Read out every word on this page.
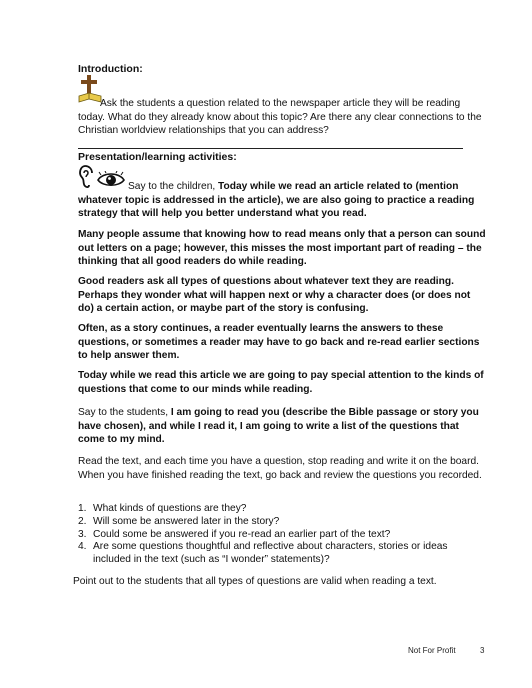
Introduction:

Ask the students a question related to the newspaper article they will be reading today. What do they already know about this topic? Are there any clear connections to the Christian worldview relationships that you can address?

Presentation/learning activities:

Say to the children, Today while we read an article related to (mention whatever topic is addressed in the article), we are also going to practice a reading strategy that will help you better understand what you read.

Many people assume that knowing how to read means only that a person can sound out letters on a page; however, this misses the most important part of reading – the thinking that all good readers do while reading.

Good readers ask all types of questions about whatever text they are reading. Perhaps they wonder what will happen next or why a character does (or does not do) a certain action, or maybe part of the story is confusing.

Often, as a story continues, a reader eventually learns the answers to these questions, or sometimes a reader may have to go back and re-read earlier sections to help answer them.

Today while we read this article we are going to pay special attention to the kinds of questions that come to our minds while reading.

Say to the students, I am going to read you (describe the Bible passage or story you have chosen), and while I read it, I am going to write a list of the questions that come to my mind.

Read the text, and each time you have a question, stop reading and write it on the board. When you have finished reading the text, go back and review the questions you recorded.

1. What kinds of questions are they?
2. Will some be answered later in the story?
3. Could some be answered if you re-read an earlier part of the text?
4. Are some questions thoughtful and reflective about characters, stories or ideas included in the text (such as “I wonder” statements)?

Point out to the students that all types of questions are valid when reading a text.

Not For Profit	3
